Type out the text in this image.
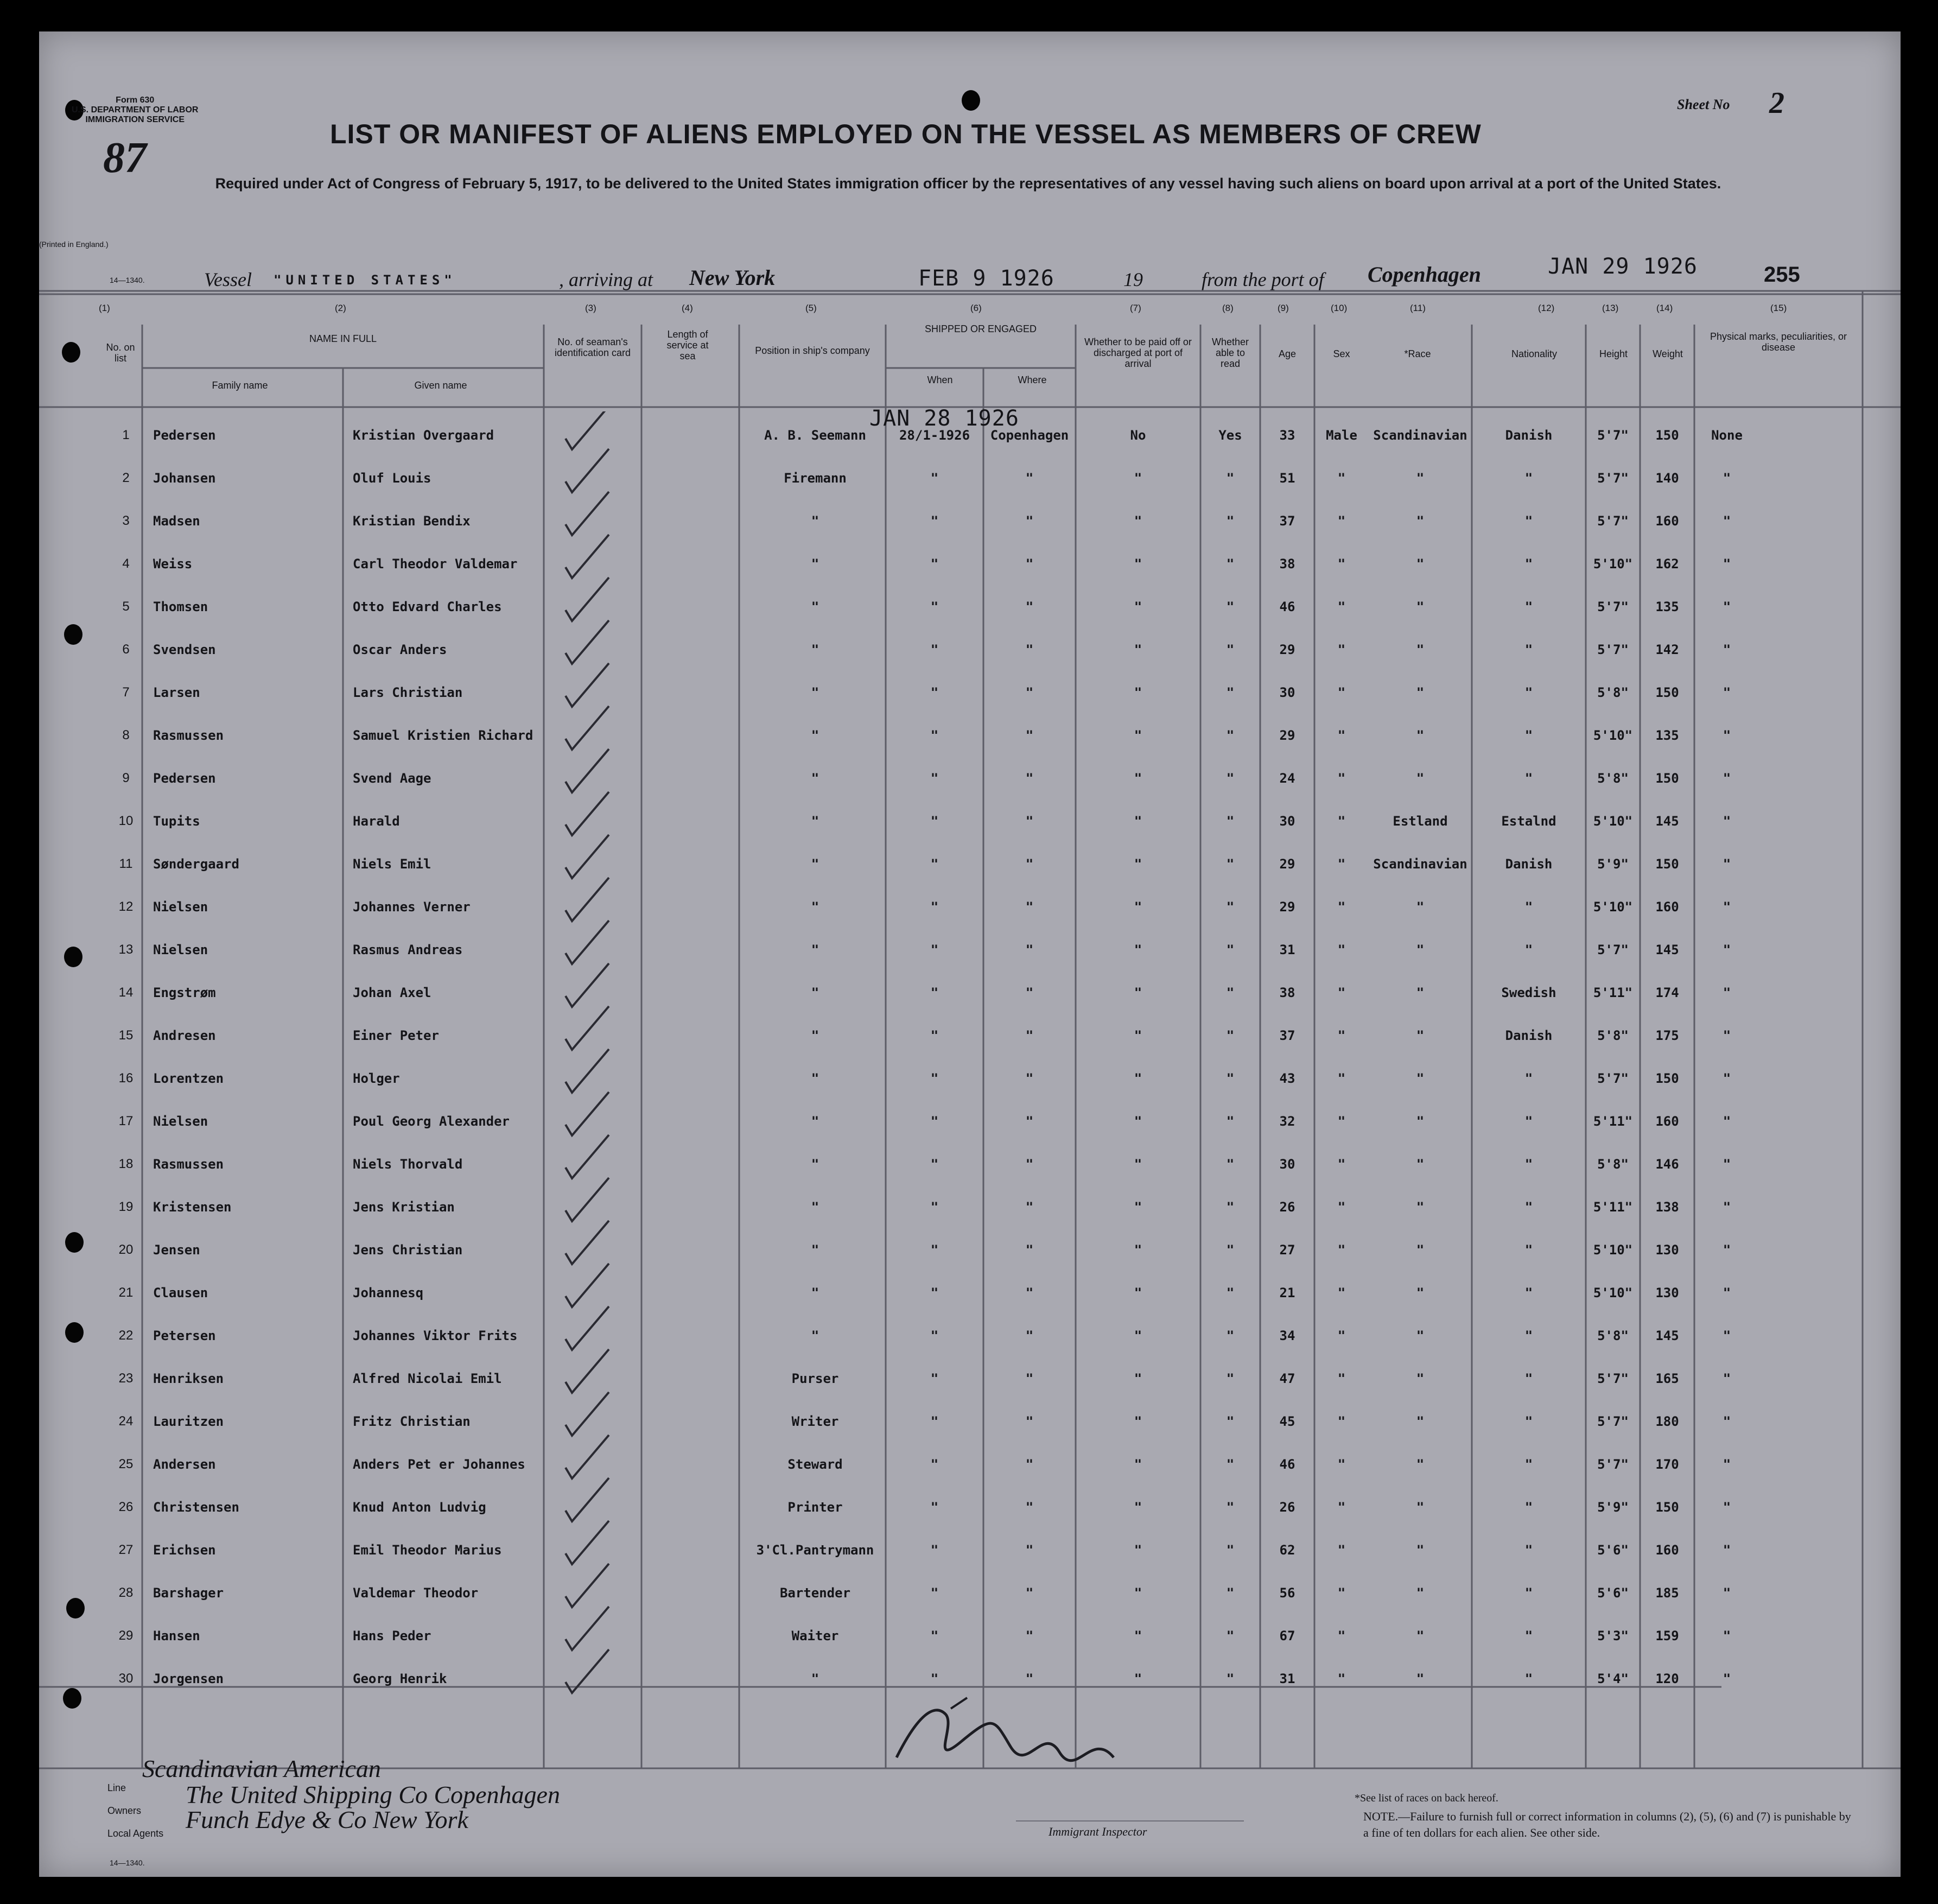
Form 630
U.S. DEPARTMENT OF LABOR
IMMIGRATION SERVICE
87
(Printed in England.)
14—1340.
Sheet No 2
LIST OR MANIFEST OF ALIENS EMPLOYED ON THE VESSEL AS MEMBERS OF CREW
Required under Act of Congress of February 5, 1917, to be delivered to the United States immigration officer by the representatives of any vessel having such aliens on board upon arrival at a port of the United States.
Vessel "UNITED STATES"	, arriving at New York	FEB 9 1926	19	from the port of Copenhagen	JAN 29 1926	255
(1)
No. on list
(2)
NAME IN FULL
Family name	Given name
(3)
No. of seaman's identification card
(4)
Length of service at sea
(5)
Position in ship's company
(6)
SHIPPED OR ENGAGED
When	Where
(7)
Whether to be paid off or discharged at port of arrival
(8)
Whether able to read
(9)
Age
(10)
Sex
(11)
*Race
(12)
Nationality
(13)
Height
(14)
Weight
(15)
Physical marks, peculiarities, or disease
JAN 28 1926
1	Pedersen	Kristian Overgaard	A. B. Seemann	28/1-1926	Copenhagen	No	Yes	33	Male	Scandinavian	Danish	5'7"	150	None
2	Johansen	Oluf Louis	Firemann	"	"	"	"	51	"	"	"	5'7"	140	"
3	Madsen	Kristian Bendix	"	"	"	"	"	37	"	"	"	5'7"	160	"
4	Weiss	Carl Theodor Valdemar	"	"	"	"	"	38	"	"	"	5'10"	162	"
5	Thomsen	Otto Edvard Charles	"	"	"	"	"	46	"	"	"	5'7"	135	"
6	Svendsen	Oscar Anders	"	"	"	"	"	29	"	"	"	5'7"	142	"
7	Larsen	Lars Christian	"	"	"	"	"	30	"	"	"	5'8"	150	"
8	Rasmussen	Samuel Kristien Richard	"	"	"	"	"	29	"	"	"	5'10"	135	"
9	Pedersen	Svend Aage	"	"	"	"	"	24	"	"	"	5'8"	150	"
10	Tupits	Harald	"	"	"	"	"	30	"	Estland	Estalnd	5'10"	145	"
11	Søndergaard	Niels Emil	"	"	"	"	"	29	"	Scandinavian	Danish	5'9"	150	"
12	Nielsen	Johannes Verner	"	"	"	"	"	29	"	"	"	5'10"	160	"
13	Nielsen	Rasmus Andreas	"	"	"	"	"	31	"	"	"	5'7"	145	"
14	Engstrøm	Johan Axel	"	"	"	"	"	38	"	"	Swedish	5'11"	174	"
15	Andresen	Einer Peter	"	"	"	"	"	37	"	"	Danish	5'8"	175	"
16	Lorentzen	Holger	"	"	"	"	"	43	"	"	"	5'7"	150	"
17	Nielsen	Poul Georg Alexander	"	"	"	"	"	32	"	"	"	5'11"	160	"
18	Rasmussen	Niels Thorvald	"	"	"	"	"	30	"	"	"	5'8"	146	"
19	Kristensen	Jens Kristian	"	"	"	"	"	26	"	"	"	5'11"	138	"
20	Jensen	Jens Christian	"	"	"	"	"	27	"	"	"	5'10"	130	"
21	Clausen	Johannesq	"	"	"	"	"	21	"	"	"	5'10"	130	"
22	Petersen	Johannes Viktor Frits	"	"	"	"	"	34	"	"	"	5'8"	145	"
23	Henriksen	Alfred Nicolai Emil	Purser	"	"	"	"	47	"	"	"	5'7"	165	"
24	Lauritzen	Fritz Christian	Writer	"	"	"	"	45	"	"	"	5'7"	180	"
25	Andersen	Anders Pet er Johannes	Steward	"	"	"	"	46	"	"	"	5'7"	170	"
26	Christensen	Knud Anton Ludvig	Printer	"	"	"	"	26	"	"	"	5'9"	150	"
27	Erichsen	Emil Theodor Marius	3'Cl.Pantrymann	"	"	"	"	62	"	"	"	5'6"	160	"
28	Barshager	Valdemar Theodor	Bartender	"	"	"	"	56	"	"	"	5'6"	185	"
29	Hansen	Hans Peder	Waiter	"	"	"	"	67	"	"	"	5'3"	159	"
30	Jorgensen	Georg Henrik	"	"	"	"	"	31	"	"	"	5'4"	120	"
Line
Scandinavian American
Owners
The United Shipping Co Copenhagen
Local Agents Funch Edye & Co New York
14—1340.
Immigrant Inspector
*See list of races on back hereof.
NOTE.—Failure to furnish full or correct information in columns (2), (5), (6) and (7) is punishable by a fine of ten dollars for each alien. See other side.
